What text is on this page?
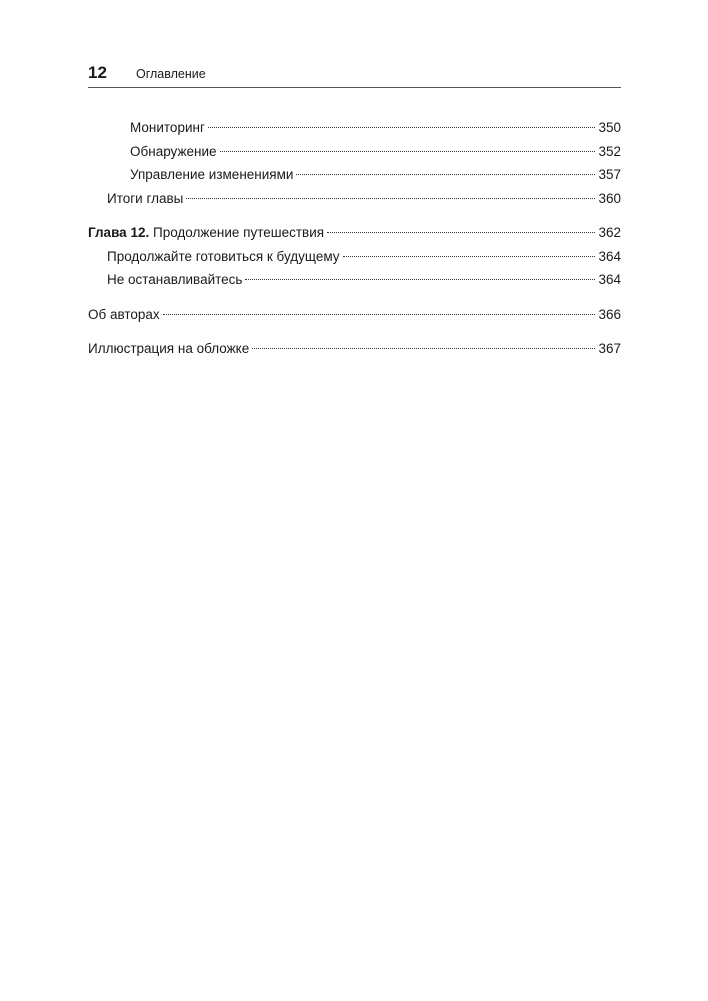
12 Оглавление
Мониторинг	350
Обнаружение	352
Управление изменениями	357
Итоги главы	360
Глава 12. Продолжение путешествия	362
Продолжайте готовиться к будущему	364
Не останавливайтесь	364
Об авторах	366
Иллюстрация на обложке	367
